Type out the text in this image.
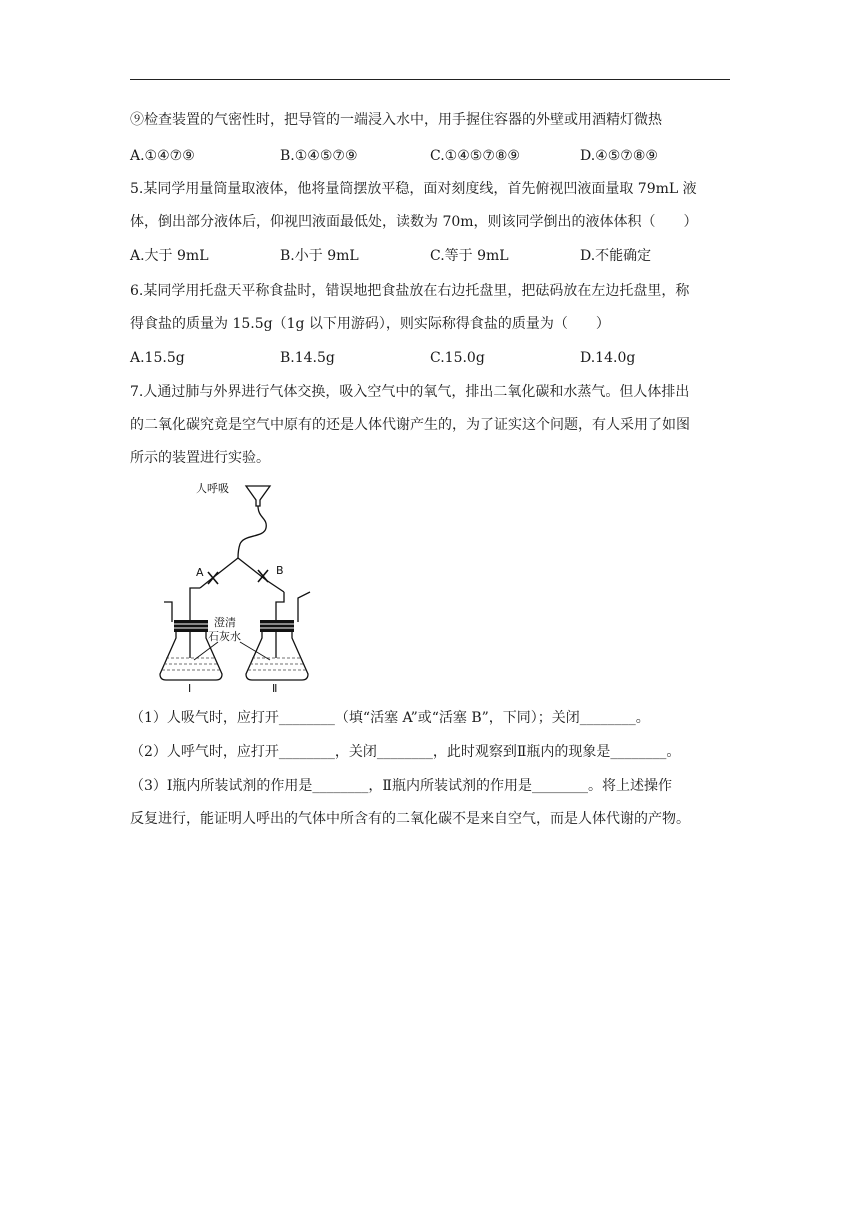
⑨检查装置的气密性时，把导管的一端浸入水中，用手握住容器的外壁或用酒精灯微热
A.①④⑦⑨	B.①④⑤⑦⑨	C.①④⑤⑦⑧⑨	D.④⑤⑦⑧⑨
5.某同学用量筒量取液体，他将量筒摆放平稳，面对刻度线，首先俯视凹液面量取 79mL 液
体，倒出部分液体后，仰视凹液面最低处，读数为 70m，则该同学倒出的液体体积（　　）
A.大于 9mL	B.小于 9mL	C.等于 9mL	D.不能确定
6.某同学用托盘天平称食盐时，错误地把食盐放在右边托盘里，把砝码放在左边托盘里，称
得食盐的质量为 15.5g（1g 以下用游码），则实际称得食盐的质量为（　　）
A.15.5g	B.14.5g	C.15.0g	D.14.0g
7.人通过肺与外界进行气体交换，吸入空气中的氧气，排出二氧化碳和水蒸气。但人体排出
的二氧化碳究竟是空气中原有的还是人体代谢产生的，为了证实这个问题，有人采用了如图
所示的装置进行实验。
人呼吸
A	B
澄清
石灰水
Ⅰ	Ⅱ
（1）人吸气时，应打开________（填“活塞 A”或“活塞 B”，下同）；关闭________。
（2）人呼气时，应打开________，关闭________，此时观察到Ⅱ瓶内的现象是________。
（3）Ⅰ瓶内所装试剂的作用是________，Ⅱ瓶内所装试剂的作用是________。将上述操作
反复进行，能证明人呼出的气体中所含有的二氧化碳不是来自空气，而是人体代谢的产物。
